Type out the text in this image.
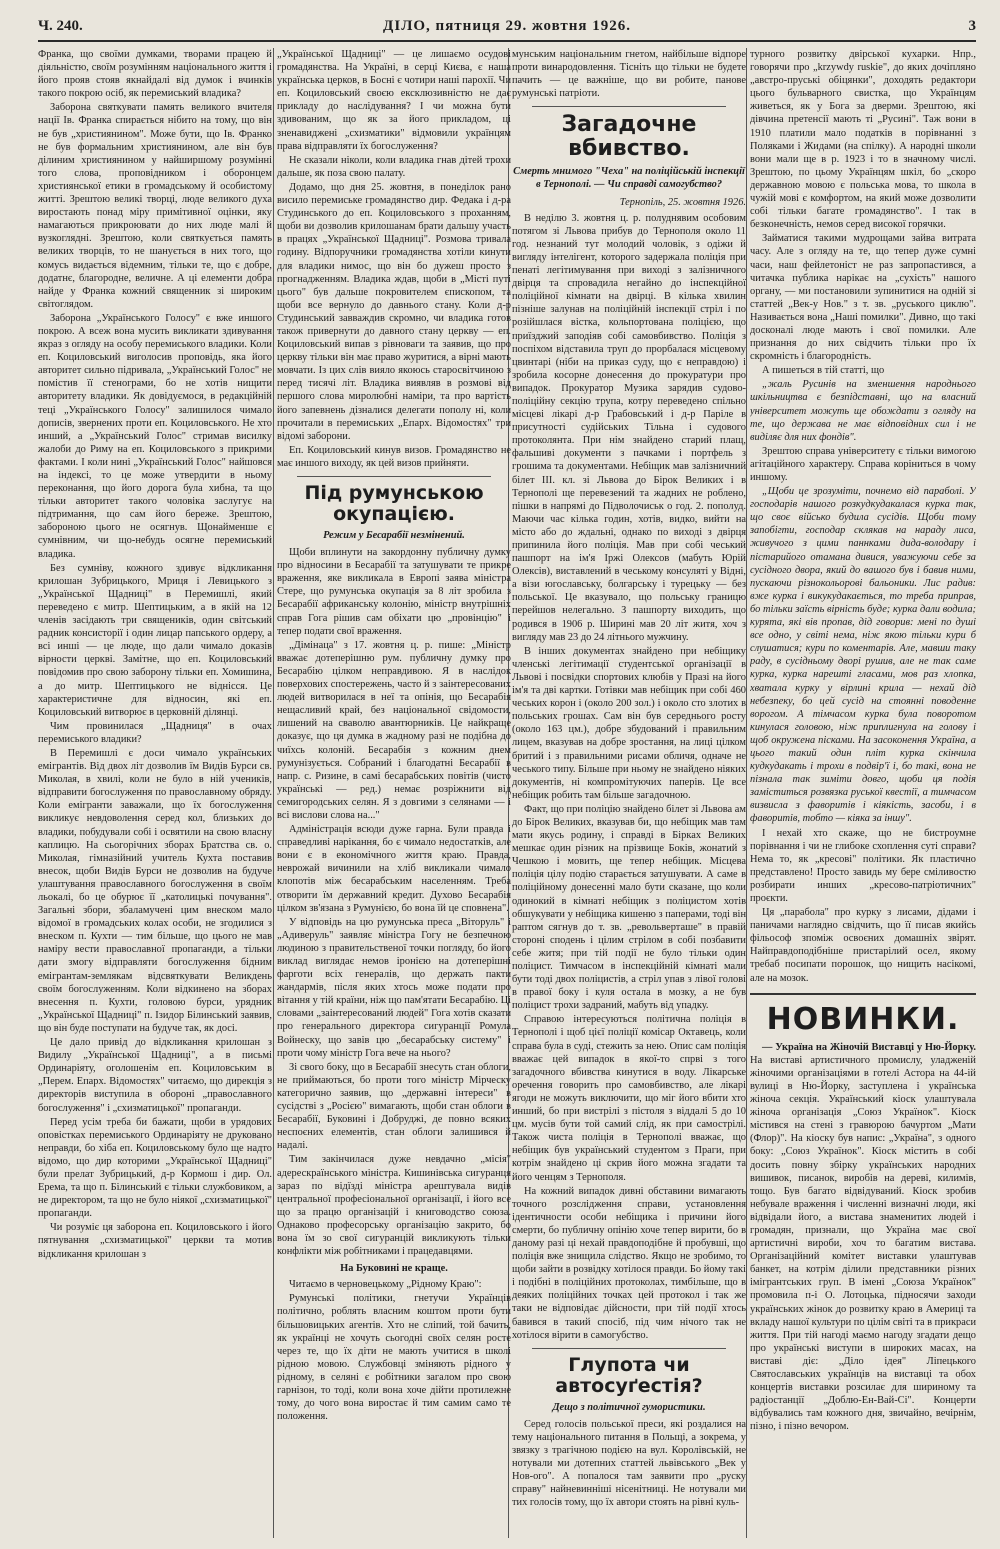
Ч. 240.	ДІЛО, пятниця 29. жовтня 1926.	3

Франка, що своїми думками, творами працею й діяльністю, своїм розумінням національного життя і його прояв стояв якнайдалі від думок і вчинків такого покрою осіб, як перемиський владика?

Заборона святкувати память великого вчителя нації Ів. Франка спирається нібито на тому, що він не був „християнином". Може бути, що Ів. Франко не був формальним християнином, але він був ділиним християнином у найширшому розумінні того слова, проповідником і оборонцем християнської етики в громадському й особистому житті. Зрештою великі творці, люде великого духа виростають понад міру примітивної оцінки, яку намагаються прикроювати до них люде малі й вузкоглядні. Зрештою, коли святкується память великих творців, то не шанується в них того, що комусь видається відемним, тільки те, що є добре, додатнє, благородне, величне. А ці елементи добра найде у Франка кожний священник зі широким світоглядом.

Заборона „Українського Голосу" є вже иншого покрою. А всеж вона мусить викликати здивування якраз з огляду на особу перемиського владики. Коли еп. Коциловський виголосив проповідь, яка його авторитет сильно підривала, „Український Голос" не помістив її стенограми, бо не хотів нищити авторитету владики. Як довідуємося, в редакційній теці „Українського Голосу" залишилося чимало дописів, звернених проти еп. Коциловського. Не хто инший, а „Український Голос" стримав висилку жалоби до Риму на еп. Коциловського з прикрими фактами. І коли нині „Український Голос" найшовся на індексі, то це може утвердити в ньому переконання, що його дорога була хибна, та що тільки авторитет такого чоловіка заслугує на підтримання, що сам його береже. Зрештою, забороною цього не осягнув. Щонайменше є сумнівним, чи що-небудь осягне перемиський владика.

Без сумніву, кожного здивує відкликання крилошан Зубрицького, Мриця і Левицького з „Української Щадниці" в Перемишлі, який переведено є митр. Шептицьким, а в якій на 12 членів засідають три священиків, один світський радник консисторії і один лицар папського ордеру, а всі инші — це люде, що дали чимало доказів вірности церкві. Замітне, що еп. Коциловський повідомив про свою заборону тільки еп. Хомишина, а до митр. Шептицького не віднісся. Це характеристичне для відносин, які еп. Коциловський витворює в церковній ділянці.

Чим провинилася „Щадниця" в очах перемиського владики?

В Перемишлі є доси чимало українських емігрантів. Від двох літ дозволив їм Видів Бурси св. Миколая, в хвилі, коли не було в ній учеників, відправити богослуження по православному обряду. Коли емігранти заважали, що їх богослуження викликує невдоволення серед кол, близьких до владики, побудували собі і освятили на свою власну каплицю. На сьогорічних зборах Братства св. о. Миколая, гімназійний учитель Кухта поставив внесок, щоби Видів Бурси не дозволив на будуче улаштування православного богослуження в своїм льокалі, бо це обурює її „католицькі почування". Загальні збори, збаламучені цим внеском мало відомої в громадських колах особи, не згодилися з внеском п. Кухти — тим більше, що цього не мав наміру вести православної пропаганди, а тільки дати змогу відправляти богослуження бідним емігрантам-землякам відсвяткувати Великдень своїм богослуженням. Коли відкинено на зборах внесення п. Кухти, головою бурси, урядник „Української Щадниці" п. Ізидор Білинський заявив, що він буде поступати на будуче так, як досі.

Це дало привід до відкликання крилошан з Видилу „Української Щадниці", а в письмі Ординаріяту, оголошенім еп. Коциловським в „Перем. Епарх. Відомостях" читаємо, що дирекція з директорів виступила в обороні „православного богослуження" і „схизматицької" пропаганди.

Перед усім треба би бажати, щоби в урядових оповістках перемиського Ординаріяту не друковано неправди, бо хіба еп. Коциловському було ще надто відомо, що дир которими „Української Щадниці" були прелат Зубрицький, д-р Кормош і дир. Ол. Ерема, та що п. Білинський є тільки службовиком, а не директором, та що не було ніякої „схизматицької" пропаганди.

Чи розуміє ця заборона еп. Коциловського і його пятнування „схизматицької" церкви та мотив відкликання крилошан з

„Української Щадниці" — це лишаємо осудові громадянства. На Україні, в серці Києва, є наша українська церков, в Босні є чотири наші парохії. Чи еп. Коциловський своєю ексклюзивністю не дає прикладу до наслідування? І чи можна бути здивованим, що як за його прикладом, ці зненавиджені „схизматики" відмовили українцям права відправляти їх богослуження?

Не сказали ніколи, коли владика гнав дітей трохи дальше, як поза свою палату.

Додамо, що дня 25. жовтня, в понеділок рано висило перемиське громадянство дир. Федака і д-ра Студинського до еп. Коциловського з проханням, щоби ви дозволив крилошанам брати дальшу участь в працях „Української Щадниці". Розмова тривала годину. Відпоручники громадянства хотіли кинути для владики нимос, що він бо дужеш просто з прогнадженням. Владика ждав, щоби в „Місті путі цього" був дальше покровителем єпископом, та щоби все вернуло до давнього стану. Коли д-р Студинський завваждив скромно, чи владика готов також привернути до давного стану церкву — еп. Коциловський випав з рівноваги та заявив, що про церкву тільки він має право журитися, а вірні мають мовчати. Із цих слів вияло якоюсь старосвітчиною з перед тисячі літ. Владика виявляв в розмові від першого слова миролюбні наміри, та про вартість його запевнень дізналися делегати пополу ні, коли прочитали в перемиських „Епарх. Відомостях" три відомі заборони.

Еп. Коциловський кинув визов. Громадянство не має иншого виходу, як цей визов прийняти.

Під румунською окупацією.
Режим у Бесарабії незмінений.

Щоби вплинути на закордонну публичну думку про відносини в Бесарабії та затушувати те прикре враження, яке викликала в Европі заява міністра Стере, що румунська окупація за 8 літ зробила з Бесарабії африканську колонію, міністр внутрішніх справ Гога рішив сам обіхати цю „провінцію" і тепер подати свої враження.

„Дімінаца" з 17. жовтня ц. р. пише: „Міністр вважає дотеперішню рум. публичну думку про Бесарабію цілком неправдивою. Я в наслідок поверхових спостережень, часто й з заінтересованих людей витворилася в неї та опінія, що Бесарабія нещасливий край, без національної свідомости, лишений на сваволю авантюрників. Це найкраще доказує, що ця думка в жадному разі не подібна до чиїхсь колоній. Бесарабія з кожним днем румунізується. Собраний і благодатні Бесарабії в напр. с. Ризине, в самі бесарабських повітів (чисто українські — ред.) немає розріжнити від семигородських селян. Я з довгими з селянами — і всі вислови слова на..."

Адміністрація всюди дуже гарна. Були правда і справедливі нарікання, бо є чимало недостатків, але вони є в економічного життя краю. Правда, неврожай вичинили на хліб викликали чимало клопотів між бесарабським населенням. Треба отворити їм державний кредит. Духово Бесарабія цілком зв'язана з Румунією, бо вона їй це сповнена".

У відповідь на цю румунська преса „Віторуль" і „Адиверуль" заявляє міністра Гогу не безпечною людиною з правительственої точки погляду, бо його виклад виглядає немов іронією на дотеперішні фарготи всіх генералів, що держать пакти жандармів, після яких хтось може подати про вітання у тій країни, ніж що пам'ятати Бесарабію. Ці словами „заінтересований людей" Гога хотів сказати про генерального директора сигуранції Ромула Войнеску, що завів цю „бесарабську систему" і проти чому міністр Гога вече на нього?

Зі свого боку, що в Бесарабії знесуть стан облоги, не приймаються, бо проти того міністр Мірческу категорично заявив, що „державні інтереси" в сусідстві з „Росією" вимагають, щоби стан облоги в Бесарабії, Буковині і Добруджі, де повно всяких неспоєних елементів, стан облоги залишився й надалі.

Тим закінчилася дуже невдачно „місія" адерескраїнського міністра. Кишинівська сигуранця зараз по відїзді міністра арештувала видів центральної професіональної організації, і його все що за працю організацій і книговодство союза. Однаково професорську організацію закрито, бо вона їм зо свої сигуранцій викликують тільки конфлікти між робітниками і працедавцями.

На Буковині не краще.

Читаємо в черновецькому „Рідному Краю":

Румунські політики, гнетучи Українців політично, роблять власним коштом проти бути більшовицьких агентів. Хто не сліпий, той бачить, як українці не хочуть сьогодні своїх селян росте через те, що їх діти не мають учитися в школі рідною мовою. Службовці зміняють рідного у рідному, в селяні є робітники загалом про свою гарнізон, то тоді, коли вона хоче дійти протилежне тому, до чого вона виростає й тим самим само те положення.

мунським національним гнетом, найбільше відпоре проти винародовлення. Тісніть що тільки не будете пачить — це важніше, що ви робите, панове румунські патріоти.

Загадочне вбивство.
Смерть мнимого "Чеха" на поліційській інспекції в Тернополі. — Чи справді самогубство?
Тернопіль, 25. жовтня 1926.

В неділю 3. жовтня ц. р. полуднявим особовим потягом зі Львова прибув до Тернополя около 11 год. незнаний тут молодий чоловік, з одіжи й вигляду інтелігент, которого задержала поліція при пенаті легітимування при виході з залізничного двірця та спровадила негайно до інспекційної поліційної кімнати на двірці. В кілька хвилин пізніше залунав на поліційній інспекції стріл і по розійшлася вістка, кольпортована поліцією, що приїзджий заподіяв собі самовбивство. Поліція з поспіхом відставила труп до прорбалася місцевому цвинтарі (ніби на приказ суду, що є неправдою) і зробила косорне донесення до прокуратури про випадок. Прокуратор Музика зарядив судово-поліційну секцію трупа, котру переведено спільно місцеві лікарі д-р Грабовський і д-р Паріле в присутності судійських Тільна і судового протоколянта. При нім знайдено старий плащ, фальшиві документи з пачками і портфель з грошима та документами. Небіщик мав залізничний білет III. кл. зі Львова до Бірок Великих і в Тернополі ще перевезений та жадних не роблено, пішки в напрямі до Підволочиськ о год. 2. пополуд. Маючи час кілька годин, хотів, видко, вийти на місто або до ждальні, однако по виході з двірця припинила його поліція. Мав при собі чеський пашпорт на ім'я Іржі Олексов (мабуть Юрій Олексів), виставлений в чеському консуляті у Відні, а візи югославську, болгарську і турецьку — без польської. Це вказувало, що польську границю перейшов нелегально. З пашпорту виходить, що родився в 1906 р. Ширині мав 20 літ житя, хоч з вигляду мав 23 до 24 літнього мужчину.

В інших документах знайдено при небіщику членські легітимації студентської організації в Львові і посвідки спортових клюбів у Празі на його ім'я та дві картки. Готівки мав небіщик при собі 460 чеських корон і (около 200 зол.) і около сто злотих в польських грошах. Сам він був середнього росту (около 163 цм.), добре збудований і правильним лицем, вказував на добре зростання, на лиці цілком бритий і з правильними рисами обличя, одначе не чеського типу. Більше при ньому не знайдено ніяких документів, ні компромітуючих паперів. Це все небіщик робить там більше загадочною.

Факт, що при поліцію знайдено білет зі Львова ам до Бірок Великих, вказував би, що небіщик мав там мати якусь родину, і справді в Бірках Великих мешкає один різник на прізвище Боків, жонатий з Чешкою і мовить, ще тепер небіщик. Місцева поліція цілу подію старається затушувати. А саме в поліційному донесенні мало бути сказане, що коли одинокий в кімнаті небіщик з поліцистом хотів обшукувати у небіщика кишеню з паперами, тоді він раптом сягнув до т. зв. „револьверташе" в правій стороні сподень і цілим стрілом в собі позбавити себе житя; при тій події не було тільки один поліцист. Тимчасом в інспекційній кімнаті мали бути тоді двох поліцистів, а стріл упав з лівої голові в правої боку і куля остала в мозку, а не був поліцист трохи задраний, мабуть від упадку.

Справою інтересуються політична поліція в Тернополі і щоб цієї поліції комісар Октавець, коли справа була в суді, стежить за нею. Опис сам поліція вважає цей випадок в якої-то спрві з того загадочного вбивства кинутися в воду. Лікарське оречення говорить про самовбивство, але лікарі ягоди не можуть виключити, що міг його вбити хто инший, бо при вистрілі з пістоля з віддалі 5 до 10 цм. мусів бути той самий слід, як при самострілі. Також чиста поліція в Тернополі вважає, що небіщик був український студентом з Праги, при котрім знайдено ці скрив його можна згадати та його ченцям з Тернополя.

На кожний випадок дивні обставини вимагають точного розслідження справи, установлення ідентичности особи небіщика і причини його смерти, бо публичну опінію хоче тепер вирити, бо в даному разі ці нехай правдоподібне й пробувші, що поліція вже знищила слідство. Якщо не зробимо, то щоби зайти в розвідку хотілося правди. Бо йому такі і подібні в поліційних протоколах, тимбільше, що в деяких поліційних точках цей протокол і так же таки не відповідає дійсности, при тій події хтось бавився в такий спосіб, під чим нічого так не хотілося вірити в самогубство.

Глупота чи автосуґестія?
Дещо з політичної гумористики.

Серед голосів польської преси, які роздалися на тему національного питання в Польщі, а зокрема, у звязку з трагічною подією на вул. Королівській, не нотували ми дотепних статтей львівського „Век у Нов-ого". А попалося там заявити про „руску справу" найневинніші нісенітниці. Не нотували ми тих голосів тому, що їх автори стоять на рівні куль-

турного розвитку двірської кухарки. Нпр., говорячи про „krzywdy ruskie", до яких дочіпляно „австро-пруські обіцянки", доходять редактори цього бульварного свистка, що Українцям живеться, як у Бога за дверми. Зрештою, які дівчина претенсії мають ті „Русині". Таж вони в 1910 платили мало податків в порівнанні з Поляками і Жидами (на спілку). А народні школи вони мали ще в р. 1923 і то в значному числі. Зрештою, по цьому Українцям шкіл, бо „скоро державною мовою є польська мова, то школа в чужій мові є комфортом, на який може дозволити собі тільки багате громадянство". І так в безконечність, немов серед високої горячки.

Займатися такими мудрощами зайва витрата часу. Але з огляду на те, що тепер дуже сумні часи, наш фейлетоніст не раз запропастився, а читачка публика нарікає на „сухість" нашого органу, — ми постановили зупинитися на одній зі статтей „Век-у Нов." з т. зв. „руського циклю". Називається вона „Наші помилки". Дивно, що такі досконалі люде мають і свої помилки. Але признання до них свідчить тільки про їх скромність і благородність.

А пишеться в тій статті, що

„жаль Русинів на зменшення народнього шкільництва є безпідставні, що на власний університет можуть ще обождати з огляду на те, що держава не має відповідних сил і не виділяє для них фондів".

Зрештою справа університету є тільки вимогою агітаційного характеру. Справа коріниться в чому иншому.

„Щоби це зрозуміти, почнемо від параболі. У господарів нашого розкудкудакалася курка так, що своє військо будила сусідів. Щоби тому запобігти, господар склякав на нараду лиса, живучого з цими паннками дида-володару і пістарийого отамана дивися, уважуючи себе за сусідного двора, який до вашого був і бавив ними, пускаючи різнокольорові бальоники. Лис радив: вже курка і викукудакається, то треба приправ, бо тільки заїсть вірність буде; курка дали водила; курята, які вів пропав, дід говорив: мені по душі все одно, у світі нема, ніж якою тільки кури б слушатися; кури по коментарів. Але, мавши таку раду, в сусідньому дворі рушив, але не так саме курка, курка нарешті гласами, мов раз хлопка, хватала курку у вірлині крила — нехай дід небезпеку, бо цей сусід на стоянні поводенне ворогом. А тімчасом курка була поворотом кинулася головою, ніж приплигнула на голову і щоб окружена пісками. На засоконення Україна, а цього такий один пліт курка скінчила кудкудакать і трохи в подвір'ї і, бо такі, вона не пізнала так зиміти довго, щоби ця подія заміститься розвязка руської квестії, а тимчасом визвисла з фаворитів і кіякість, засоби, і в фаворитів, тобто — кіяка за іншу".

І нехай хто скаже, що не бистроумне порівнання і чи не глибоке схоплення суті справи? Нема то, як „кресові" політики. Як пластично представлено! Просто завидь му бере сміливостю розбирати инших „кресово-патріотичних" проєкти.

Ця „парабола" про курку з лисами, дідами і паничами наглядно свідчить, що її писав якийсь фільософ зпоміж освоєних домашніх звірят. Найправдоподібніше пристарілий осел, якому требаб посипати порошок, що нищить насікомі, але на мозок.

НОВИНКИ.

— Україна на Жіночій Виставці у Ню-Йорку. На виставі артистичного промислу, уладженій жіночими організаціями в готелі Астора на 44-ій вулиці в Ню-Йорку, заступлена і українська жіноча секція. Український кіоск улаштувала жіноча організація „Союз Українок". Кіоск містився на стені з гравюрою бачуртом „Мати (Флор)". На кіоску був напис: „Україна", з одного боку: „Союз Українок". Кіоск містить в собі досить повну збірку українських народних вишивок, писанок, виробів на дереві, килимів, тощо. Був багато відвідуваний. Кіоск зробив небувале враження і численні визначні люди, які відвідали його, а вистава знаменитих людей і громадян, признали, що Україна має свої артистичні вироби, хоч то багатим вистава. Організаційний комітет виставки улаштував банкет, на котрім ділили представники різних імігрантських груп. В імені „Союза Українок" промовила п-і О. Лотоцька, підносячи заходи українських жінок до розвитку краю в Америці та вкладу нашої культури по цілім світі та в прикраси життя. При тій нагоді маємо нагоду згадати дещо про українські виступи в широких масах, на виставі діє: „Діло ідея" Ліпецького Святославських українців на виставці та обох концертів виставки розсилає для шириному та радіостанції „Доблю-Ен-Вай-Сі". Концерти відбувались там кожного дня, звичайно, вечірнім, пізно, і пізно вечором.
